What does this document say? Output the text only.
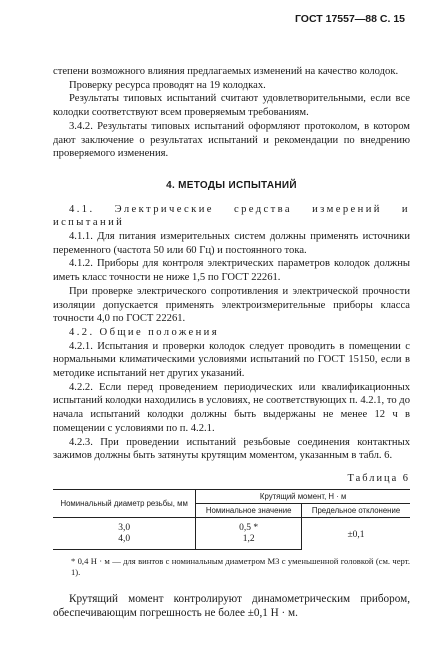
ГОСТ 17557—88 С. 15

степени возможного влияния предлагаемых изменений на качество колодок.

Проверку ресурса проводят на 19 колодках.

Результаты типовых испытаний считают удовлетворительными, если все колодки соответствуют всем проверяемым требованиям.

3.4.2. Результаты типовых испытаний оформляют протоколом, в котором дают заключение о результатах испытаний и рекомендации по внедрению проверяемого изменения.

4. МЕТОДЫ ИСПЫТАНИЙ

4.1. Электрические средства измерений и испытаний

4.1.1. Для питания измерительных систем должны применять источники переменного (частота 50 или 60 Гц) и постоянного тока.

4.1.2. Приборы для контроля электрических параметров колодок должны иметь класс точности не ниже 1,5 по ГОСТ 22261.

При проверке электрического сопротивления и электрической прочности изоляции допускается применять электроизмерительные приборы класса точности 4,0 по ГОСТ 22261.

4.2. Общие положения

4.2.1. Испытания и проверки колодок следует проводить в помещении с нормальными климатическими условиями испытаний по ГОСТ 15150, если в методике испытаний нет других указаний.

4.2.2. Если перед проведением периодических или квалификационных испытаний колодки находились в условиях, не соответствующих п. 4.2.1, то до начала испытаний колодки должны быть выдержаны не менее 12 ч в помещении с условиями по п. 4.2.1.

4.2.3. При проведении испытаний резьбовые соединения контактных зажимов должны быть затянуты крутящим моментом, указанным в табл. 6.

Таблица 6
Номинальный диаметр резьбы, мм	Крутящий момент, Н · м	
	Номинальное значение	Предельное отклонение
3,0	0,5 *	±0,1
4,0	1,2	

* 0,4 Н · м — для винтов с номинальным диаметром М3 с уменьшенной головкой (см. черт. 1).

Крутящий момент контролируют динамометрическим прибором, обеспечивающим погрешность не более ±0,1 Н · м.
